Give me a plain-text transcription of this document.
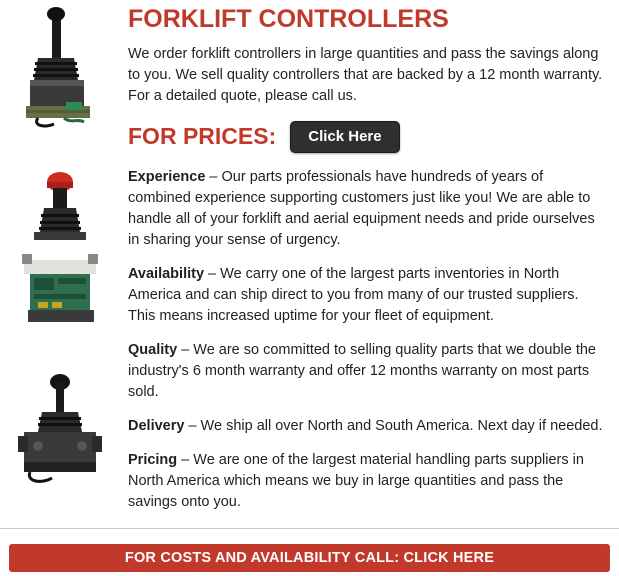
FORKLIFT CONTROLLERS

We order forklift controllers in large quantities and pass the savings along to you. We sell quality controllers that are backed by a 12 month warranty. For a detailed quote, please call us.

FOR PRICES:	Click Here

Experience – Our parts professionals have hundreds of years of combined experience supporting customers just like you! We are able to handle all of your forklift and aerial equipment needs and pride ourselves in sharing your sense of urgency.

Availability – We carry one of the largest parts inventories in North America and can ship direct to you from many of our trusted suppliers. This means increased uptime for your fleet of equipment.

Quality – We are so committed to selling quality parts that we double the industry's 6 month warranty and offer 12 months warranty on most parts sold.

Delivery – We ship all over North and South America. Next day if needed.

Pricing – We are one of the largest material handling parts suppliers in North America which means we buy in large quantities and pass the savings onto you.

FOR COSTS AND AVAILABILITY CALL: CLICK HERE
